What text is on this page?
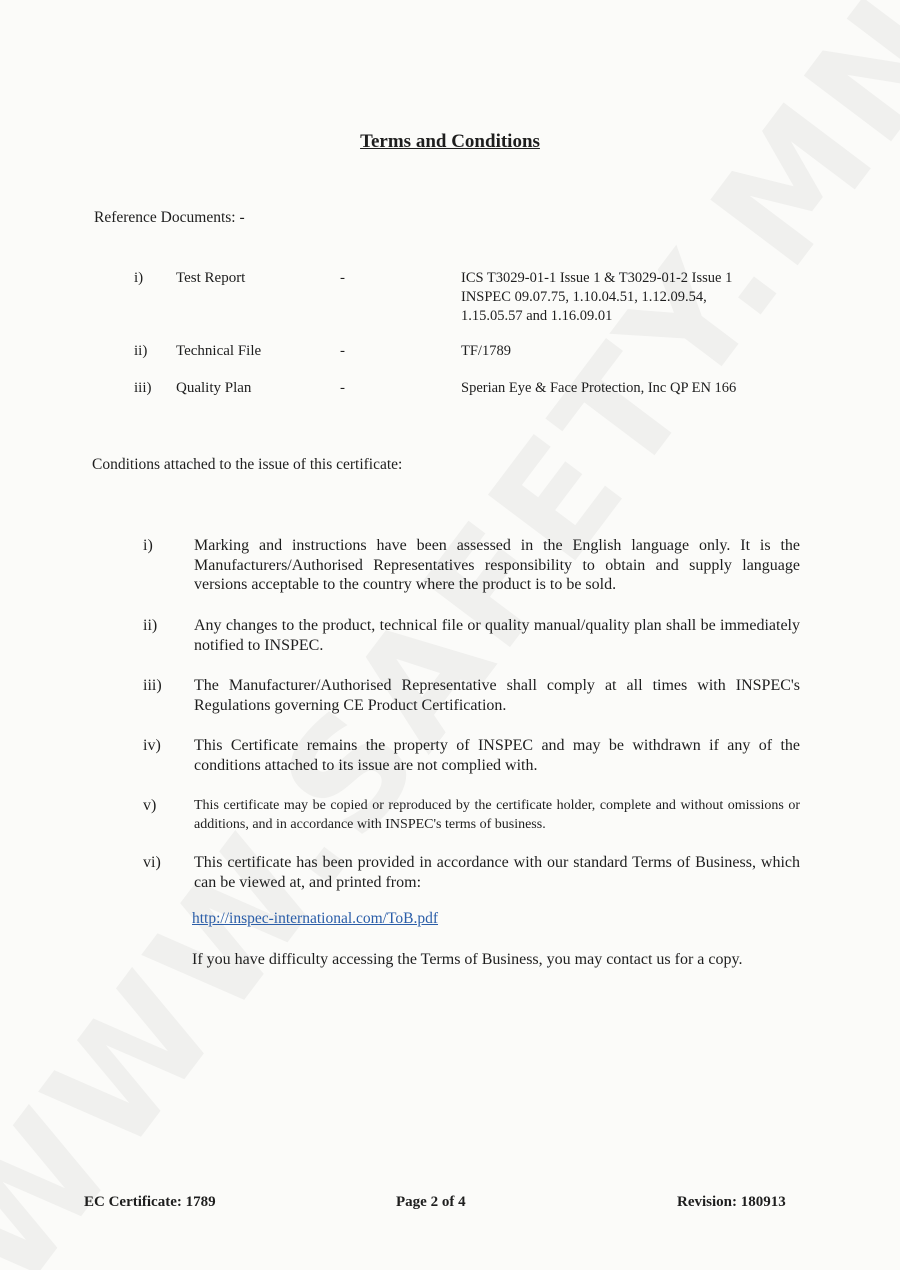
Terms and Conditions
Reference Documents: -
i) Test Report	-	ICS T3029-01-1 Issue 1 & T3029-01-2 Issue 1
INSPEC 09.07.75, 1.10.04.51, 1.12.09.54,
1.15.05.57 and 1.16.09.01
ii) Technical File	-	TF/1789
iii) Quality Plan	-	Sperian Eye & Face Protection, Inc QP EN 166
Conditions attached to the issue of this certificate:
i)	Marking and instructions have been assessed in the English language only. It is the Manufacturers/Authorised Representatives responsibility to obtain and supply language versions acceptable to the country where the product is to be sold.
ii) Any changes to the product, technical file or quality manual/quality plan shall be immediately notified to INSPEC.
iii) The Manufacturer/Authorised Representative shall comply at all times with INSPEC's Regulations governing CE Product Certification.
iv) This Certificate remains the property of INSPEC and may be withdrawn if any of the conditions attached to its issue are not complied with.
v)	This certificate may be copied or reproduced by the certificate holder, complete and without omissions or additions, and in accordance with INSPEC's terms of business.
vi) This certificate has been provided in accordance with our standard Terms of Business, which can be viewed at, and printed from:
http://inspec-international.com/ToB.pdf
If you have difficulty accessing the Terms of Business, you may contact us for a copy.
EC Certificate: 1789	Page 2 of 4	Revision: 180913
